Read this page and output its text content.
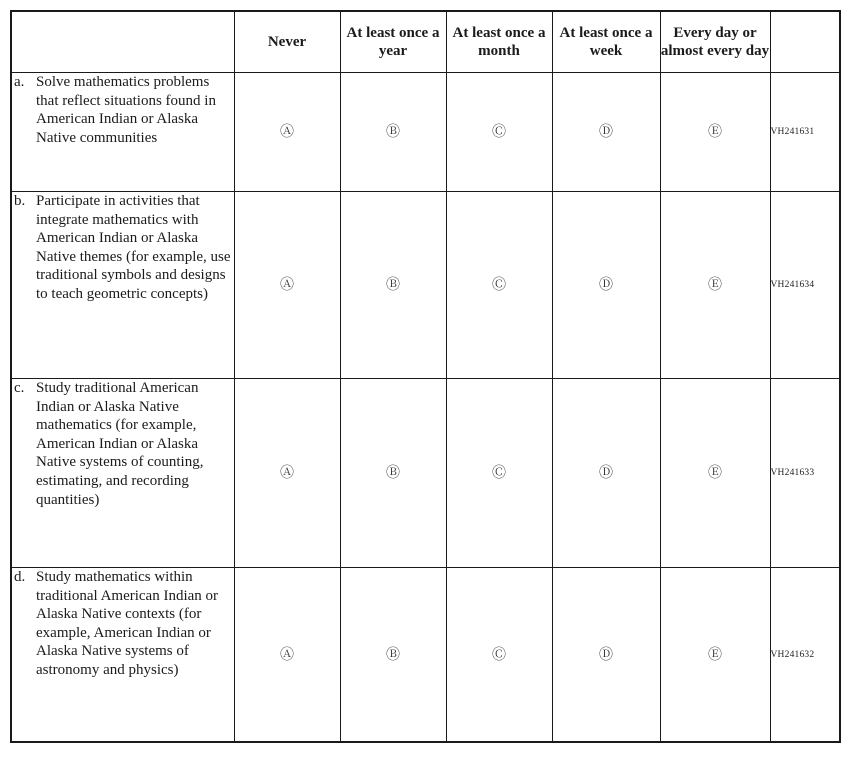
	Never	At least once a year	At least once a month	At least once a week	Every day or almost every day	

a. Solve mathematics problems that reflect situations found in American Indian or Alaska Native communities	Ⓐ	Ⓑ	Ⓒ	Ⓓ	Ⓔ	VH241631

b. Participate in activities that integrate mathematics with American Indian or Alaska Native themes (for example, use traditional symbols and designs to teach geometric concepts)	Ⓐ	Ⓑ	Ⓒ	Ⓓ	Ⓔ	VH241634

c. Study traditional American Indian or Alaska Native mathematics (for example, American Indian or Alaska Native systems of counting, estimating, and recording quantities)	Ⓐ	Ⓑ	Ⓒ	Ⓓ	Ⓔ	VH241633

d. Study mathematics within traditional American Indian or Alaska Native contexts (for example, American Indian or Alaska Native systems of astronomy and physics)	Ⓐ	Ⓑ	Ⓒ	Ⓓ	Ⓔ	VH241632
